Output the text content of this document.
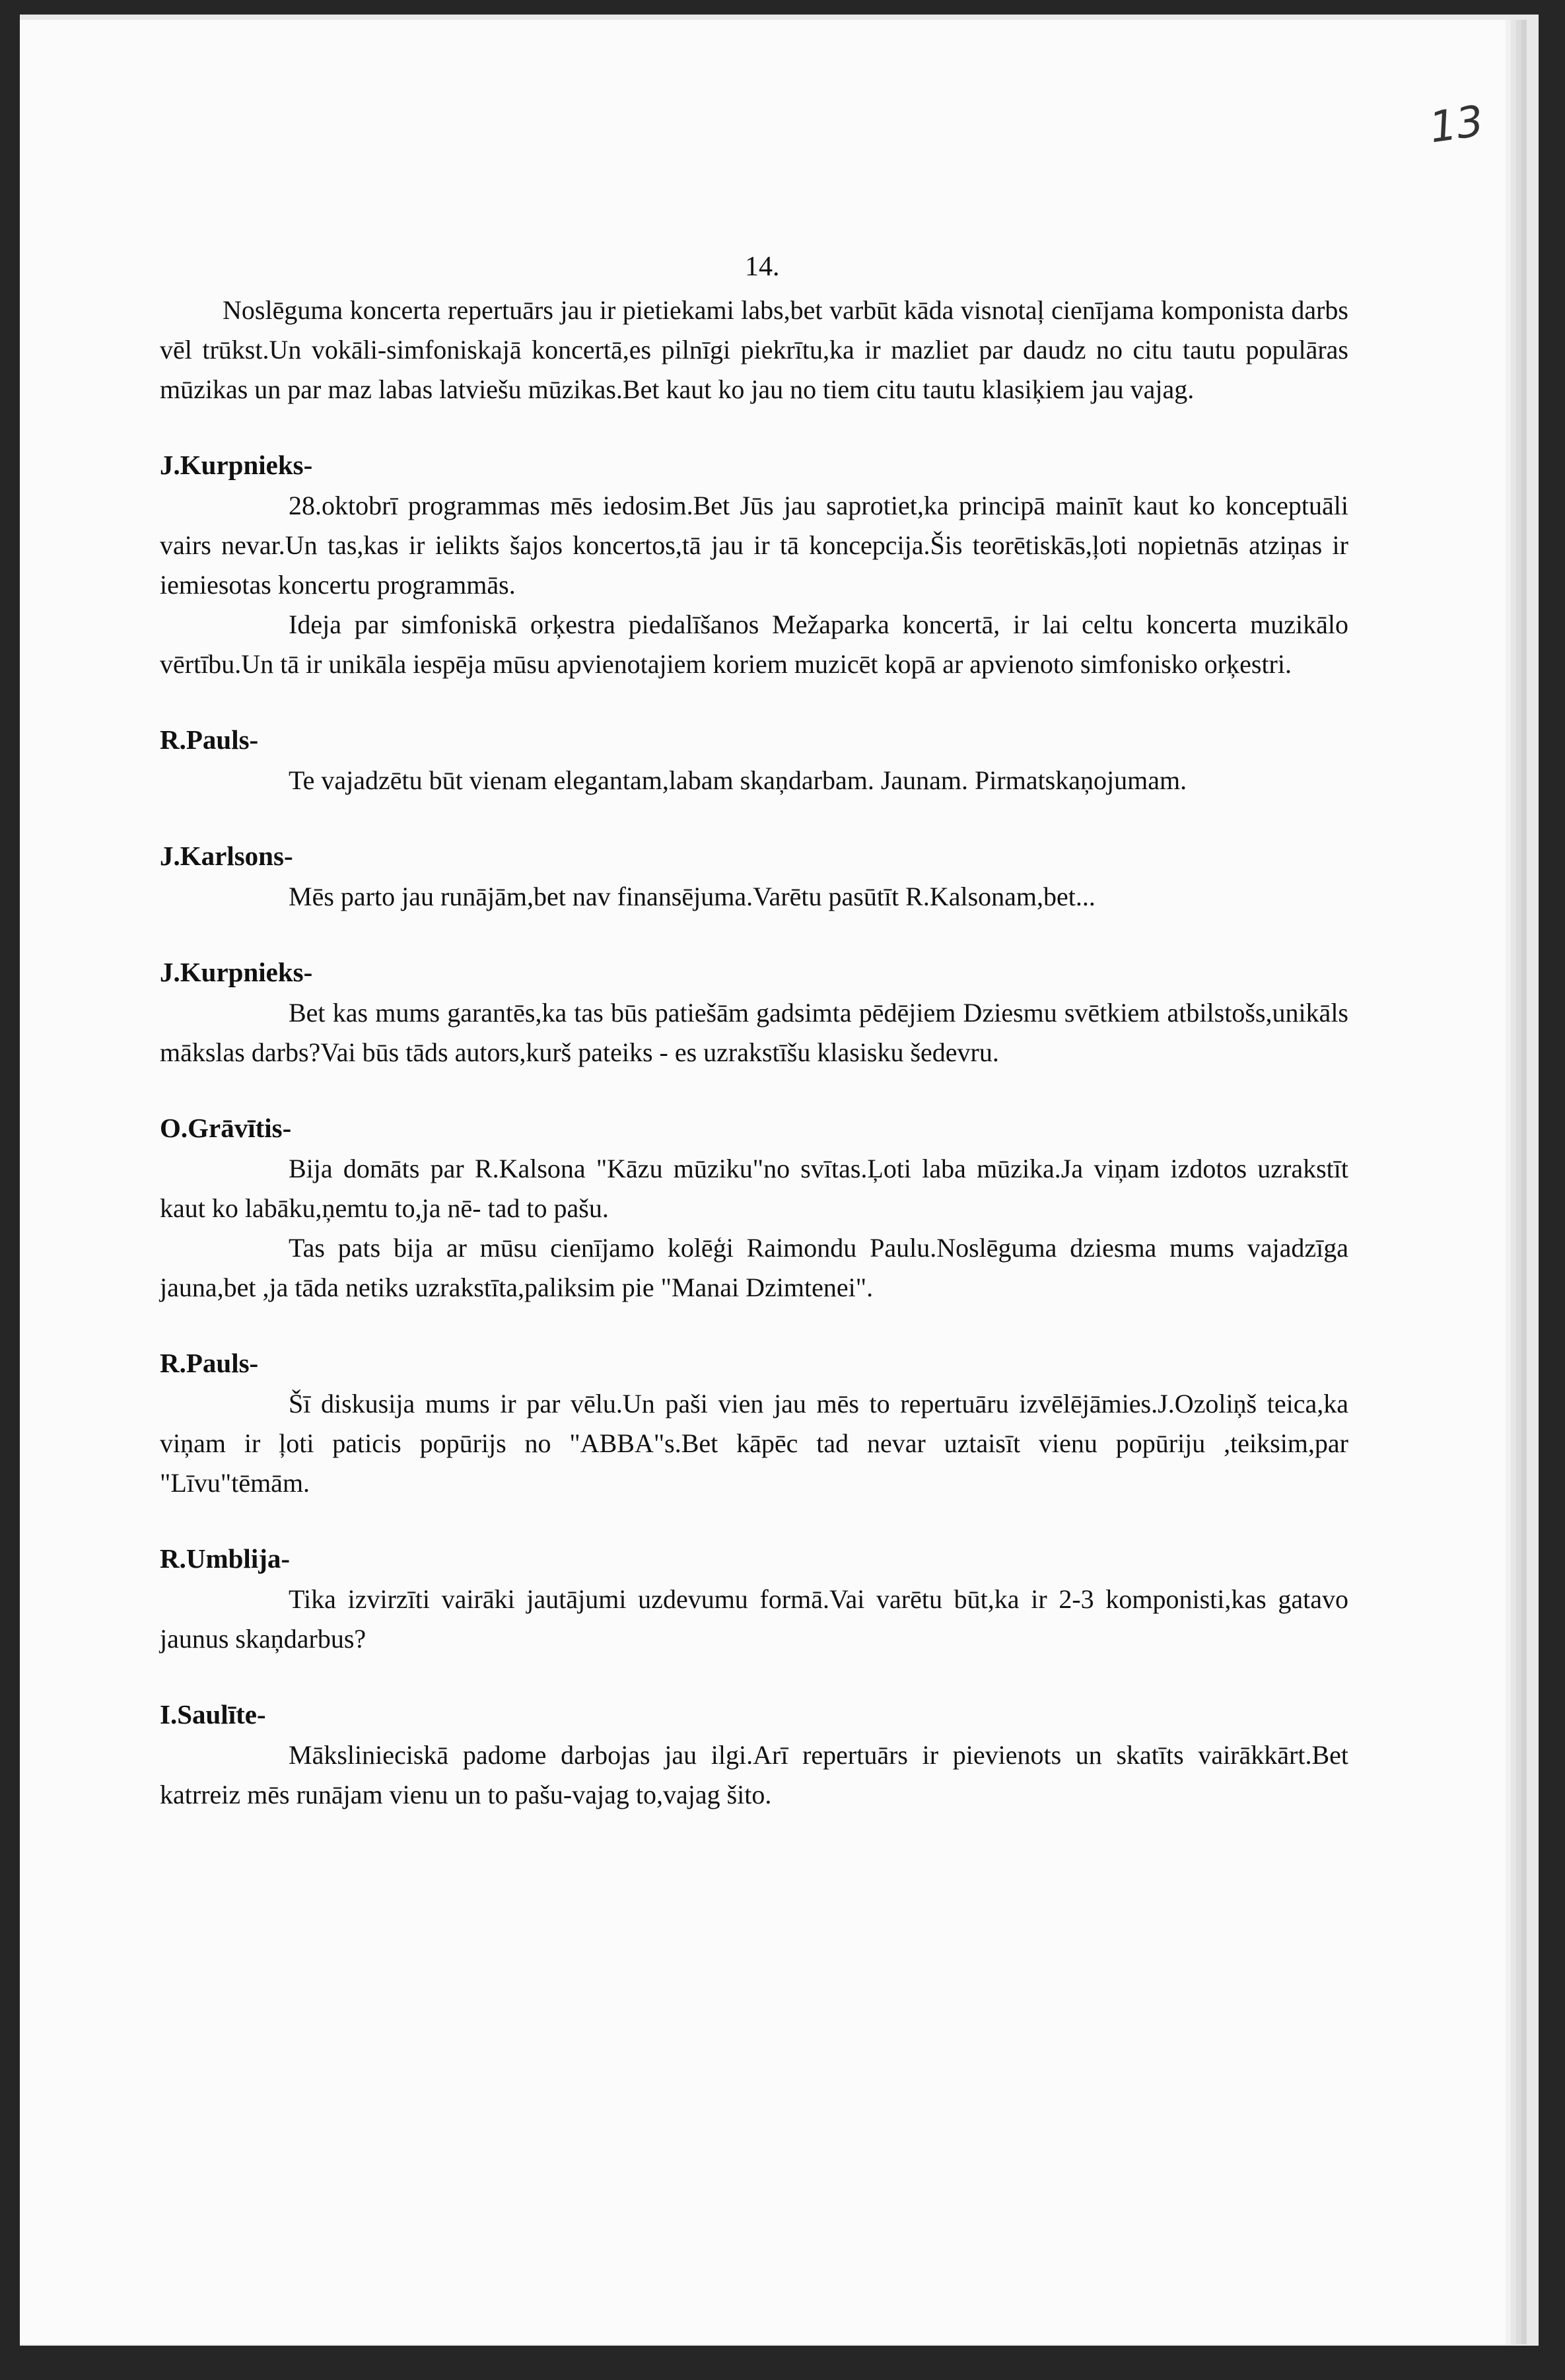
13
14.
Noslēguma koncerta repertuārs jau ir pietiekami labs,bet varbūt kāda visnotaļ cienījama komponista darbs vēl trūkst.Un vokāli-simfoniskajā koncertā,es pilnīgi piekrītu,ka ir mazliet par daudz no citu tautu populāras mūzikas un par maz labas latviešu mūzikas.Bet kaut ko jau no tiem citu tautu klasiķiem jau vajag.
J.Kurpnieks-
28.oktobrī programmas mēs iedosim.Bet Jūs jau saprotiet,ka principā mainīt kaut ko konceptuāli vairs nevar.Un tas,kas ir ielikts šajos koncertos,tā jau ir tā koncepcija.Šis teorētiskās,ļoti nopietnās atziņas ir iemiesotas koncertu programmās.
Ideja par simfoniskā orķestra piedalīšanos Mežaparka koncertā, ir lai celtu koncerta muzikālo vērtību.Un tā ir unikāla iespēja mūsu apvienotajiem koriem muzicēt kopā ar apvienoto simfonisko orķestri.
R.Pauls-
Te vajadzētu būt vienam elegantam,labam skaņdarbam. Jaunam. Pirmatskaņojumam.
J.Karlsons-
Mēs parto jau runājām,bet nav finansējuma.Varētu pasūtīt R.Kalsonam,bet...
J.Kurpnieks-
Bet kas mums garantēs,ka tas būs patiešām gadsimta pēdējiem Dziesmu svētkiem atbilstošs,unikāls mākslas darbs?Vai būs tāds autors,kurš pateiks - es uzrakstīšu klasisku šedevru.
O.Grāvītis-
Bija domāts par R.Kalsona "Kāzu mūziku"no svītas.Ļoti laba mūzika.Ja viņam izdotos uzrakstīt kaut ko labāku,ņemtu to,ja nē- tad to pašu.
Tas pats bija ar mūsu cienījamo kolēģi Raimondu Paulu.Noslēguma dziesma mums vajadzīga jauna,bet ,ja tāda netiks uzrakstīta,paliksim pie "Manai Dzimtenei".
R.Pauls-
Šī diskusija mums ir par vēlu.Un paši vien jau mēs to repertuāru izvēlējāmies.J.Ozoliņš teica,ka viņam ir ļoti paticis popūrijs no "ABBA"s.Bet kāpēc tad nevar uztaisīt vienu popūriju ,teiksim,par "Līvu"tēmām.
R.Umblija-
Tika izvirzīti vairāki jautājumi uzdevumu formā.Vai varētu būt,ka ir 2-3 komponisti,kas gatavo jaunus skaņdarbus?
I.Saulīte-
Mākslinieciskā padome darbojas jau ilgi.Arī repertuārs ir pievienots un skatīts vairākkārt.Bet katrreiz mēs runājam vienu un to pašu-vajag to,vajag šito.
